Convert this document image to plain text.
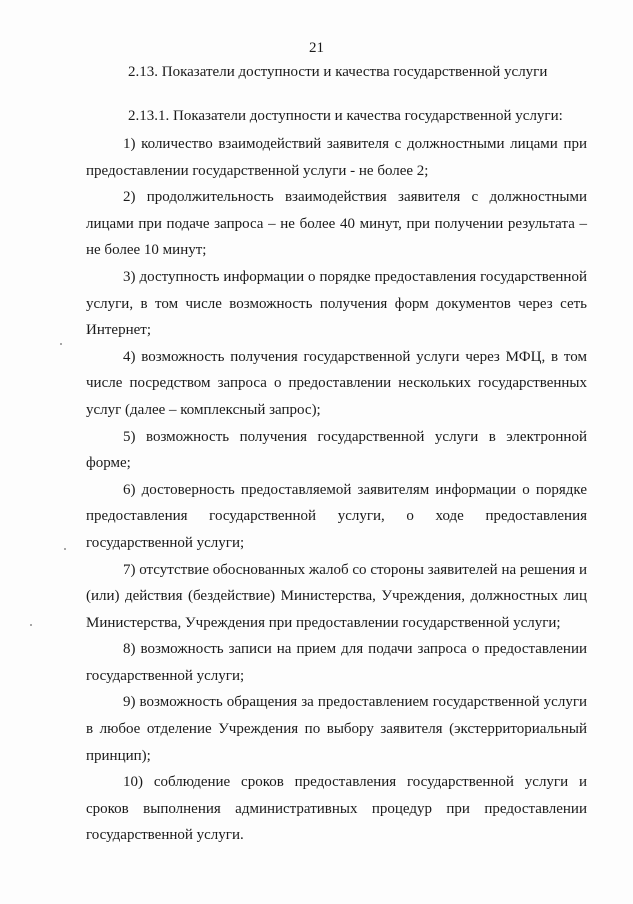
21
2.13. Показатели доступности и качества государственной услуги
2.13.1. Показатели доступности и качества государственной услуги:
1) количество взаимодействий заявителя с должностными лицами при предоставлении государственной услуги - не более 2;
2) продолжительность взаимодействия заявителя с должностными лицами при подаче запроса – не более 40 минут, при получении результата – не более 10 минут;
3) доступность информации о порядке предоставления государственной услуги, в том числе возможность получения форм документов через сеть Интернет;
4) возможность получения государственной услуги через МФЦ, в том числе посредством запроса о предоставлении нескольких государственных услуг (далее – комплексный запрос);
5) возможность получения государственной услуги в электронной форме;
6) достоверность предоставляемой заявителям информации о порядке предоставления государственной услуги, о ходе предоставления государственной услуги;
7) отсутствие обоснованных жалоб со стороны заявителей на решения и (или) действия (бездействие) Министерства, Учреждения, должностных лиц Министерства, Учреждения при предоставлении государственной услуги;
8) возможность записи на прием для подачи запроса о предоставлении государственной услуги;
9) возможность обращения за предоставлением государственной услуги в любое отделение Учреждения по выбору заявителя (экстерриториальный принцип);
10) соблюдение сроков предоставления государственной услуги и сроков выполнения административных процедур при предоставлении государственной услуги.
